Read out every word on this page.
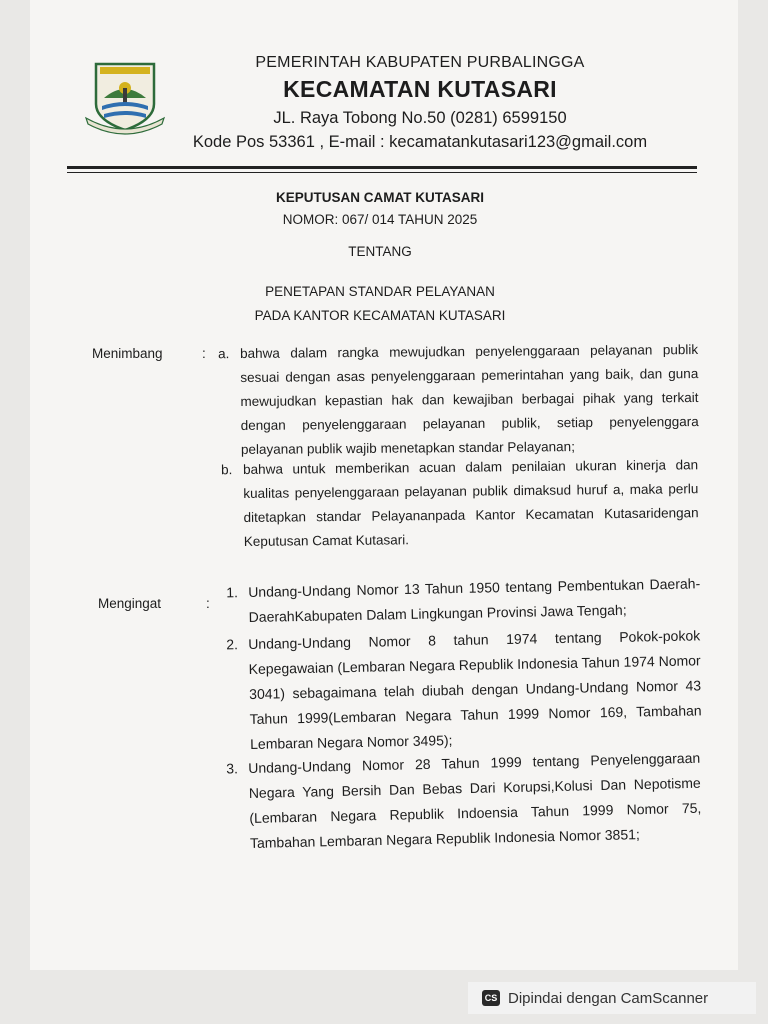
PEMERINTAH KABUPATEN PURBALINGGA
KECAMATAN KUTASARI
JL. Raya Tobong No.50 (0281) 6599150
Kode Pos 53361 , E-mail : kecamatankutasari123@gmail.com
KEPUTUSAN CAMAT KUTASARI
NOMOR: 067/ 014 TAHUN 2025
TENTANG
PENETAPAN STANDAR PELAYANAN
PADA KANTOR KECAMATAN KUTASARI
Menimbang	: a. bahwa dalam rangka mewujudkan penyelenggaraan pelayanan publik sesuai dengan asas penyelenggaraan pemerintahan yang baik, dan guna mewujudkan kepastian hak dan kewajiban berbagai pihak yang terkait dengan penyelenggaraan pelayanan publik, setiap penyelenggara pelayanan publik wajib menetapkan standar Pelayanan;
b. bahwa untuk memberikan acuan dalam penilaian ukuran kinerja dan kualitas penyelenggaraan pelayanan publik dimaksud huruf a, maka perlu ditetapkan standar Pelayananpada Kantor Kecamatan Kutasaridengan Keputusan Camat Kutasari.
Mengingat	:
1. Undang-Undang Nomor 13 Tahun 1950 tentang Pembentukan Daerah-DaerahKabupaten Dalam Lingkungan Provinsi Jawa Tengah;
2. Undang-Undang Nomor 8 tahun 1974 tentang Pokok-pokok Kepegawaian (Lembaran Negara Republik Indonesia Tahun 1974 Nomor 3041) sebagaimana telah diubah dengan Undang-Undang Nomor 43 Tahun 1999(Lembaran Negara Tahun 1999 Nomor 169, Tambahan Lembaran Negara Nomor 3495);
3. Undang-Undang Nomor 28 Tahun 1999 tentang Penyelenggaraan Negara Yang Bersih Dan Bebas Dari Korupsi,Kolusi Dan Nepotisme (Lembaran Negara Republik Indoensia Tahun 1999 Nomor 75, Tambahan Lembaran Negara Republik Indonesia Nomor 3851;
CS Dipindai dengan CamScanner
